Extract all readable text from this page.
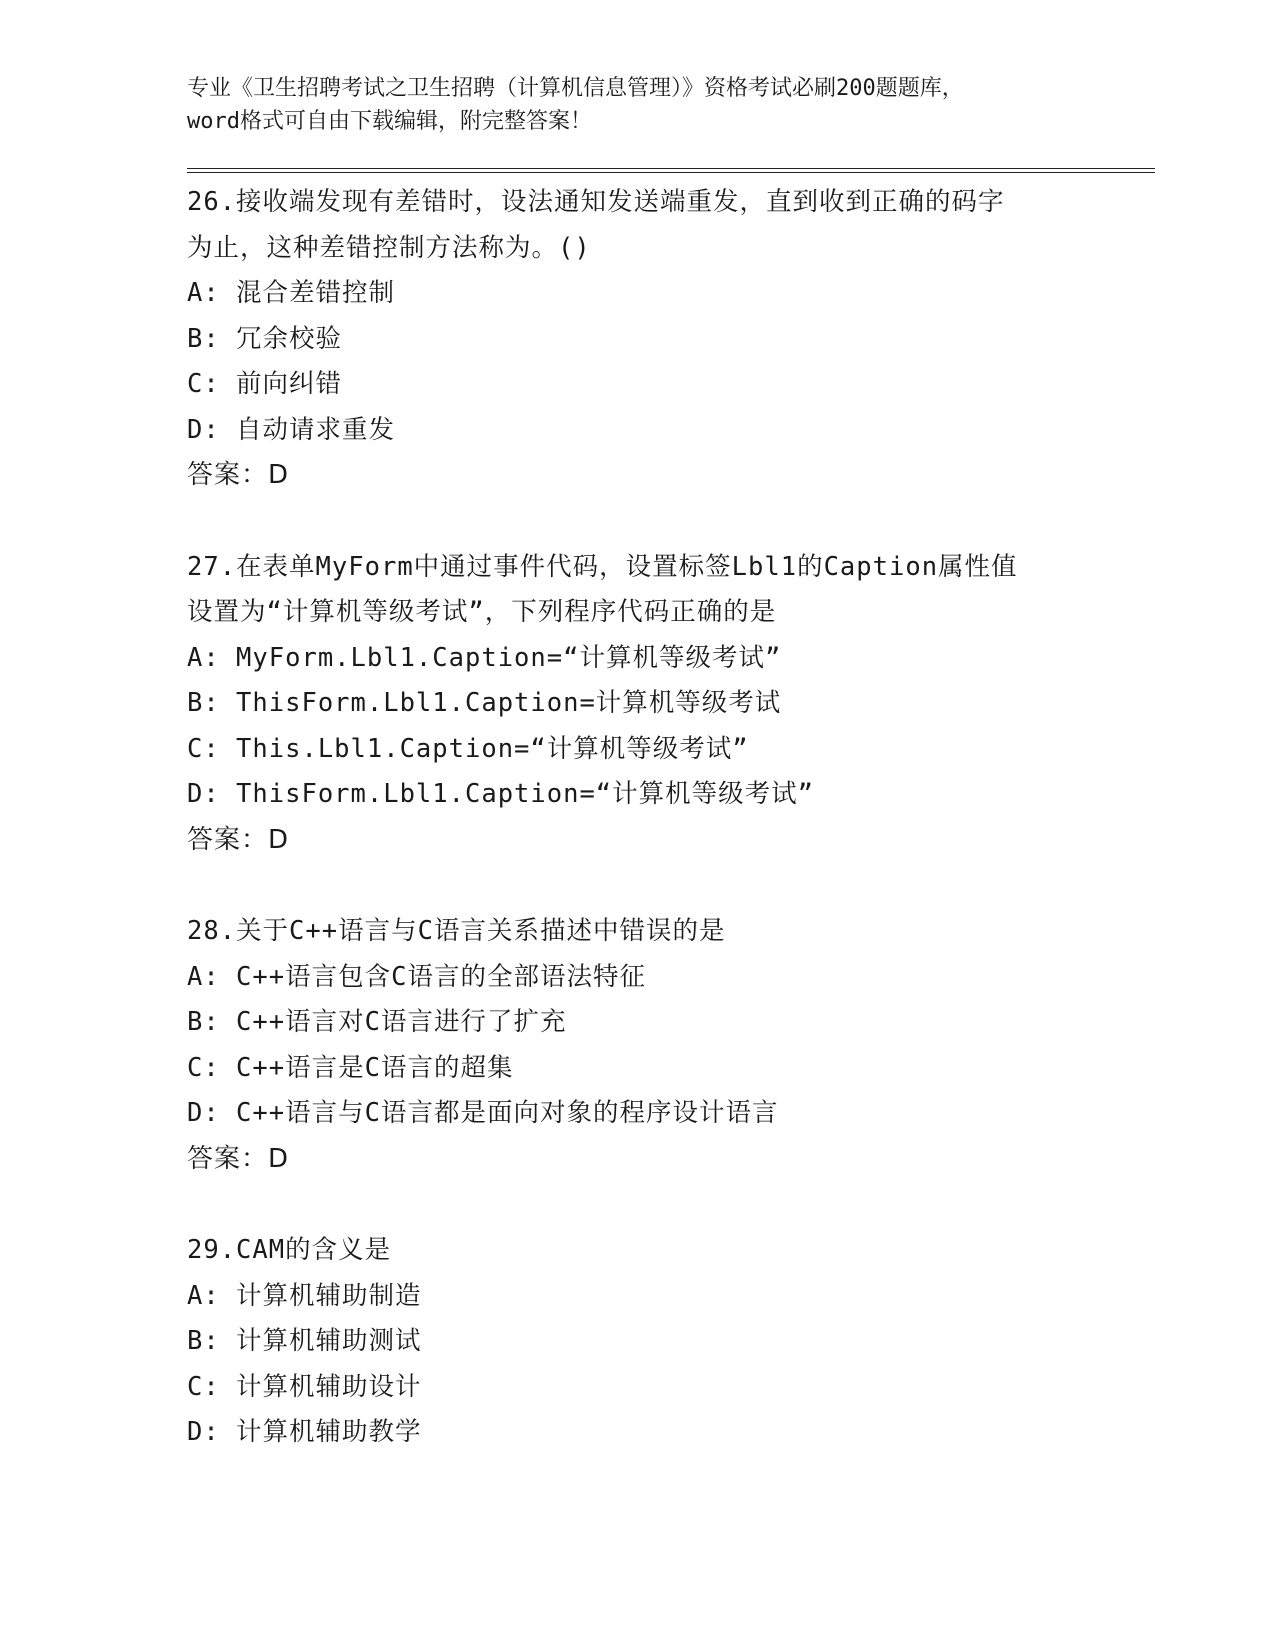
专业《卫生招聘考试之卫生招聘（计算机信息管理）》资格考试必刷200题题库，

word格式可自由下载编辑，附完整答案！

26.接收端发现有差错时，设法通知发送端重发，直到收到正确的码字
为止，这种差错控制方法称为。()
A: 混合差错控制
B: 冗余校验
C: 前向纠错
D: 自动请求重发
答案：D
27.在表单MyForm中通过事件代码，设置标签Lbl1的Caption属性值
设置为“计算机等级考试”，下列程序代码正确的是
A: MyForm.Lbl1.Caption=“计算机等级考试”
B: ThisForm.Lbl1.Caption=计算机等级考试
C: This.Lbl1.Caption=“计算机等级考试”
D: ThisForm.Lbl1.Caption=“计算机等级考试”
答案：D
28.关于C++语言与C语言关系描述中错误的是
A: C++语言包含C语言的全部语法特征
B: C++语言对C语言进行了扩充
C: C++语言是C语言的超集
D: C++语言与C语言都是面向对象的程序设计语言
答案：D
29.CAM的含义是
A: 计算机辅助制造
B: 计算机辅助测试
C: 计算机辅助设计
D: 计算机辅助教学
